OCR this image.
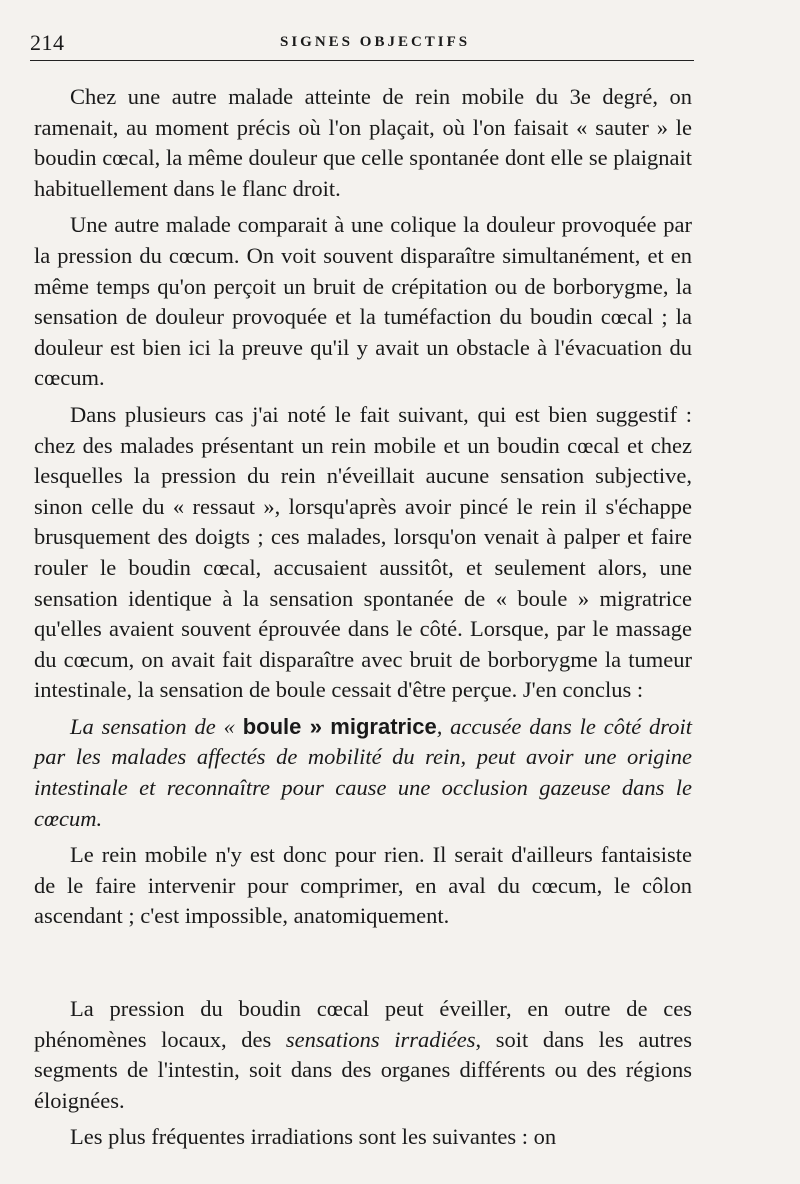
214	SIGNES OBJECTIFS

Chez une autre malade atteinte de rein mobile du 3e degré, on ramenait, au moment précis où l'on plaçait, où l'on faisait « sauter » le boudin cœcal, la même douleur que celle spontanée dont elle se plaignait habituellement dans le flanc droit.

Une autre malade comparait à une colique la douleur provoquée par la pression du cœcum. On voit souvent disparaître simultanément, et en même temps qu'on perçoit un bruit de crépitation ou de borborygme, la sensation de douleur provoquée et la tuméfaction du boudin cœcal ; la douleur est bien ici la preuve qu'il y avait un obstacle à l'évacuation du cœcum.

Dans plusieurs cas j'ai noté le fait suivant, qui est bien suggestif : chez des malades présentant un rein mobile et un boudin cœcal et chez lesquelles la pression du rein n'éveillait aucune sensation subjective, sinon celle du « ressaut », lorsqu'après avoir pincé le rein il s'échappe brusquement des doigts ; ces malades, lorsqu'on venait à palper et faire rouler le boudin cœcal, accusaient aussitôt, et seulement alors, une sensation identique à la sensation spontanée de « boule » migratrice qu'elles avaient souvent éprouvée dans le côté. Lorsque, par le massage du cœcum, on avait fait disparaître avec bruit de borborygme la tumeur intestinale, la sensation de boule cessait d'être perçue. J'en conclus :

La sensation de « boule » migratrice, accusée dans le côté droit par les malades affectés de mobilité du rein, peut avoir une origine intestinale et reconnaître pour cause une occlusion gazeuse dans le cœcum.

Le rein mobile n'y est donc pour rien. Il serait d'ailleurs fantaisiste de le faire intervenir pour comprimer, en aval du cœcum, le côlon ascendant ; c'est impossible, anatomiquement.

La pression du boudin cœcal peut éveiller, en outre de ces phénomènes locaux, des sensations irradiées, soit dans les autres segments de l'intestin, soit dans des organes différents ou des régions éloignées.

Les plus fréquentes irradiations sont les suivantes : on
